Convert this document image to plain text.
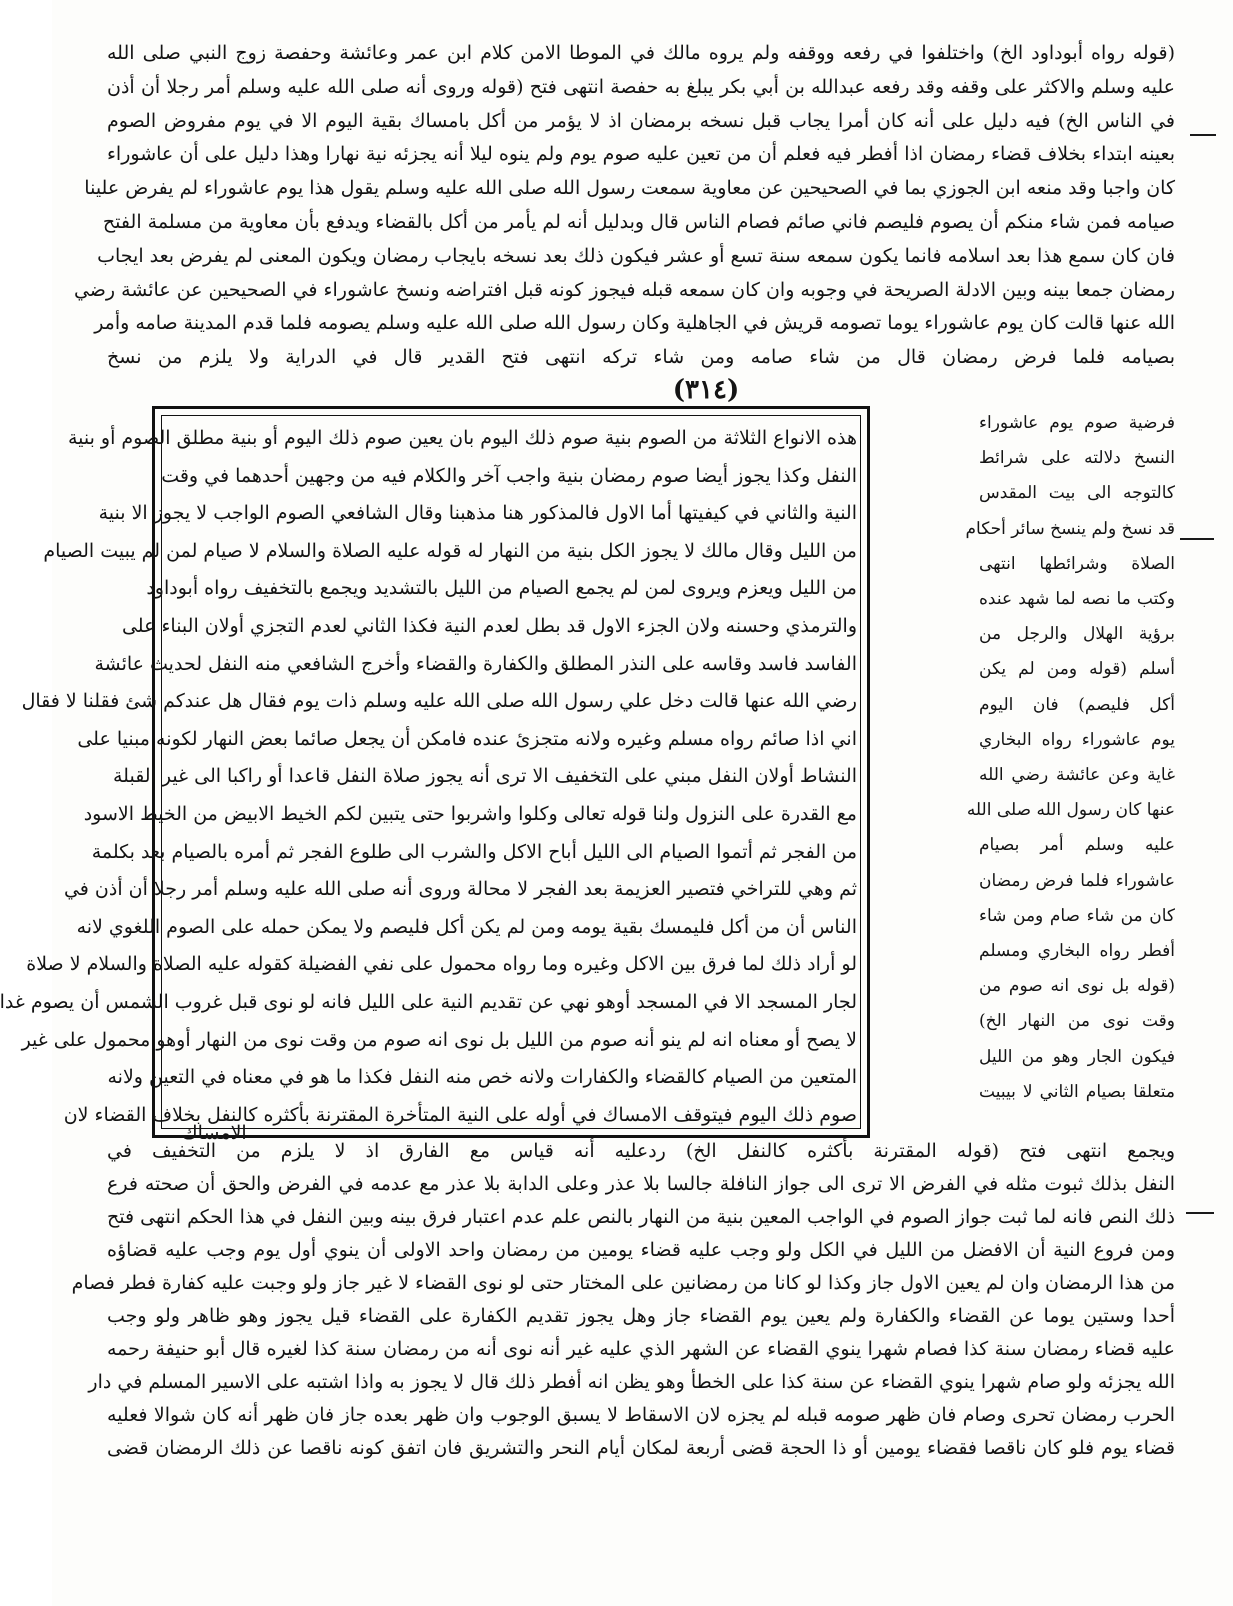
(قوله رواه أبوداود الخ) واختلفوا في رفعه ووقفه ولم يروه مالك في الموطا الامن كلام ابن عمر وعائشة وحفصة زوج النبي صلى الله
عليه وسلم والاكثر على وقفه وقد رفعه عبدالله بن أبي بكر يبلغ به حفصة انتهى فتح (قوله وروى أنه صلى الله عليه وسلم أمر رجلا أن أذن
في الناس الخ) فيه دليل على أنه كان أمرا يجاب قبل نسخه برمضان اذ لا يؤمر من أكل بامساك بقية اليوم الا في يوم مفروض الصوم
بعينه ابتداء بخلاف قضاء رمضان اذا أفطر فيه فعلم أن من تعين عليه صوم يوم ولم ينوه ليلا أنه يجزئه نية نهارا وهذا دليل على أن عاشوراء
كان واجبا وقد منعه ابن الجوزي بما في الصحيحين عن معاوية سمعت رسول الله صلى الله عليه وسلم يقول هذا يوم عاشوراء لم يفرض علينا
صيامه فمن شاء منكم أن يصوم فليصم فاني صائم فصام الناس قال وبدليل أنه لم يأمر من أكل بالقضاء ويدفع بأن معاوية من مسلمة الفتح
فان كان سمع هذا بعد اسلامه فانما يكون سمعه سنة تسع أو عشر فيكون ذلك بعد نسخه بايجاب رمضان ويكون المعنى لم يفرض بعد ايجاب
رمضان جمعا بينه وبين الادلة الصريحة في وجوبه وان كان سمعه قبله فيجوز كونه قبل افتراضه ونسخ عاشوراء في الصحيحين عن عائشة رضي
الله عنها قالت كان يوم عاشوراء يوما تصومه قريش في الجاهلية وكان رسول الله صلى الله عليه وسلم يصومه فلما قدم المدينة صامه وأمر
بصيامه فلما فرض رمضان قال من شاء صامه ومن شاء تركه انتهى فتح القدير قال في الدراية ولا يلزم من نسخ
(٣١٤)
فرضية صوم يوم عاشوراء
النسخ دلالته على شرائط
كالتوجه الى بيت المقدس
قد نسخ ولم ينسخ سائر أحكام
الصلاة وشرائطها انتهى
وكتب ما نصه لما شهد عنده
برؤية الهلال والرجل من
أسلم (قوله ومن لم يكن
أكل فليصم) فان اليوم
يوم عاشوراء رواه البخاري
غاية وعن عائشة رضي الله
عنها كان رسول الله صلى الله
عليه وسلم أمر بصيام
عاشوراء فلما فرض رمضان
كان من شاء صام ومن شاء
أفطر رواه البخاري ومسلم
(قوله بل نوى انه صوم من
وقت نوى من النهار الخ)
فيكون الجار وهو من الليل
متعلقا بصيام الثاني لا بيبيت
هذه الانواع الثلاثة من الصوم بنية صوم ذلك اليوم بان يعين صوم ذلك اليوم أو بنية مطلق الصوم أو بنية
النفل وكذا يجوز أيضا صوم رمضان بنية واجب آخر والكلام فيه من وجهين أحدهما في وقت
النية والثاني في كيفيتها أما الاول فالمذكور هنا مذهبنا وقال الشافعي الصوم الواجب لا يجوز الا بنية
من الليل وقال مالك لا يجوز الكل بنية من النهار له قوله عليه الصلاة والسلام لا صيام لمن لم يبيت الصيام
من الليل ويعزم ويروى لمن لم يجمع الصيام من الليل بالتشديد ويجمع بالتخفيف رواه أبوداود
والترمذي وحسنه ولان الجزء الاول قد بطل لعدم النية فكذا الثاني لعدم التجزي أولان البناء على
الفاسد فاسد وقاسه على النذر المطلق والكفارة والقضاء وأخرج الشافعي منه النفل لحديث عائشة
رضي الله عنها قالت دخل علي رسول الله صلى الله عليه وسلم ذات يوم فقال هل عندكم شئ فقلنا لا فقال
اني اذا صائم رواه مسلم وغيره ولانه متجزئ عنده فامكن أن يجعل صائما بعض النهار لكونه مبنيا على
النشاط أولان النفل مبني على التخفيف الا ترى أنه يجوز صلاة النفل قاعدا أو راكبا الى غير القبلة
مع القدرة على النزول ولنا قوله تعالى وكلوا واشربوا حتى يتبين لكم الخيط الابيض من الخيط الاسود
من الفجر ثم أتموا الصيام الى الليل أباح الاكل والشرب الى طلوع الفجر ثم أمره بالصيام بعد بكلمة
ثم وهي للتراخي فتصير العزيمة بعد الفجر لا محالة وروى أنه صلى الله عليه وسلم أمر رجلا أن أذن في
الناس أن من أكل فليمسك بقية يومه ومن لم يكن أكل فليصم ولا يمكن حمله على الصوم اللغوي لانه
لو أراد ذلك لما فرق بين الاكل وغيره وما رواه محمول على نفي الفضيلة كقوله عليه الصلاة والسلام لا صلاة
لجار المسجد الا في المسجد أوهو نهي عن تقديم النية على الليل فانه لو نوى قبل غروب الشمس أن يصوم غدا
لا يصح أو معناه انه لم ينو أنه صوم من الليل بل نوى انه صوم من وقت نوى من النهار أوهو محمول على غير
المتعين من الصيام كالقضاء والكفارات ولانه خص منه النفل فكذا ما هو في معناه في التعين ولانه
صوم ذلك اليوم فيتوقف الامساك في أوله على النية المتأخرة المقترنة بأكثره كالنفل بخلاف القضاء لان
الامساك
ويجمع انتهى فتح (قوله المقترنة بأكثره كالنفل الخ) ردعليه أنه قياس مع الفارق اذ لا يلزم من التخفيف في
النفل بذلك ثبوت مثله في الفرض الا ترى الى جواز النافلة جالسا بلا عذر وعلى الدابة بلا عذر مع عدمه في الفرض والحق أن صحته فرع
ذلك النص فانه لما ثبت جواز الصوم في الواجب المعين بنية من النهار بالنص علم عدم اعتبار فرق بينه وبين النفل في هذا الحكم انتهى فتح
ومن فروع النية أن الافضل من الليل في الكل ولو وجب عليه قضاء يومين من رمضان واحد الاولى أن ينوي أول يوم وجب عليه قضاؤه
من هذا الرمضان وان لم يعين الاول جاز وكذا لو كانا من رمضانين على المختار حتى لو نوى القضاء لا غير جاز ولو وجبت عليه كفارة فطر فصام
أحدا وستين يوما عن القضاء والكفارة ولم يعين يوم القضاء جاز وهل يجوز تقديم الكفارة على القضاء قيل يجوز وهو ظاهر ولو وجب
عليه قضاء رمضان سنة كذا فصام شهرا ينوي القضاء عن الشهر الذي عليه غير أنه نوى أنه من رمضان سنة كذا لغيره قال أبو حنيفة رحمه
الله يجزئه ولو صام شهرا ينوي القضاء عن سنة كذا على الخطأ وهو يظن انه أفطر ذلك قال لا يجوز به واذا اشتبه على الاسير المسلم في دار
الحرب رمضان تحرى وصام فان ظهر صومه قبله لم يجزه لان الاسقاط لا يسبق الوجوب وان ظهر بعده جاز فان ظهر أنه كان شوالا فعليه
قضاء يوم فلو كان ناقصا فقضاء يومين أو ذا الحجة قضى أربعة لمكان أيام النحر والتشريق فان اتفق كونه ناقصا عن ذلك الرمضان قضى
